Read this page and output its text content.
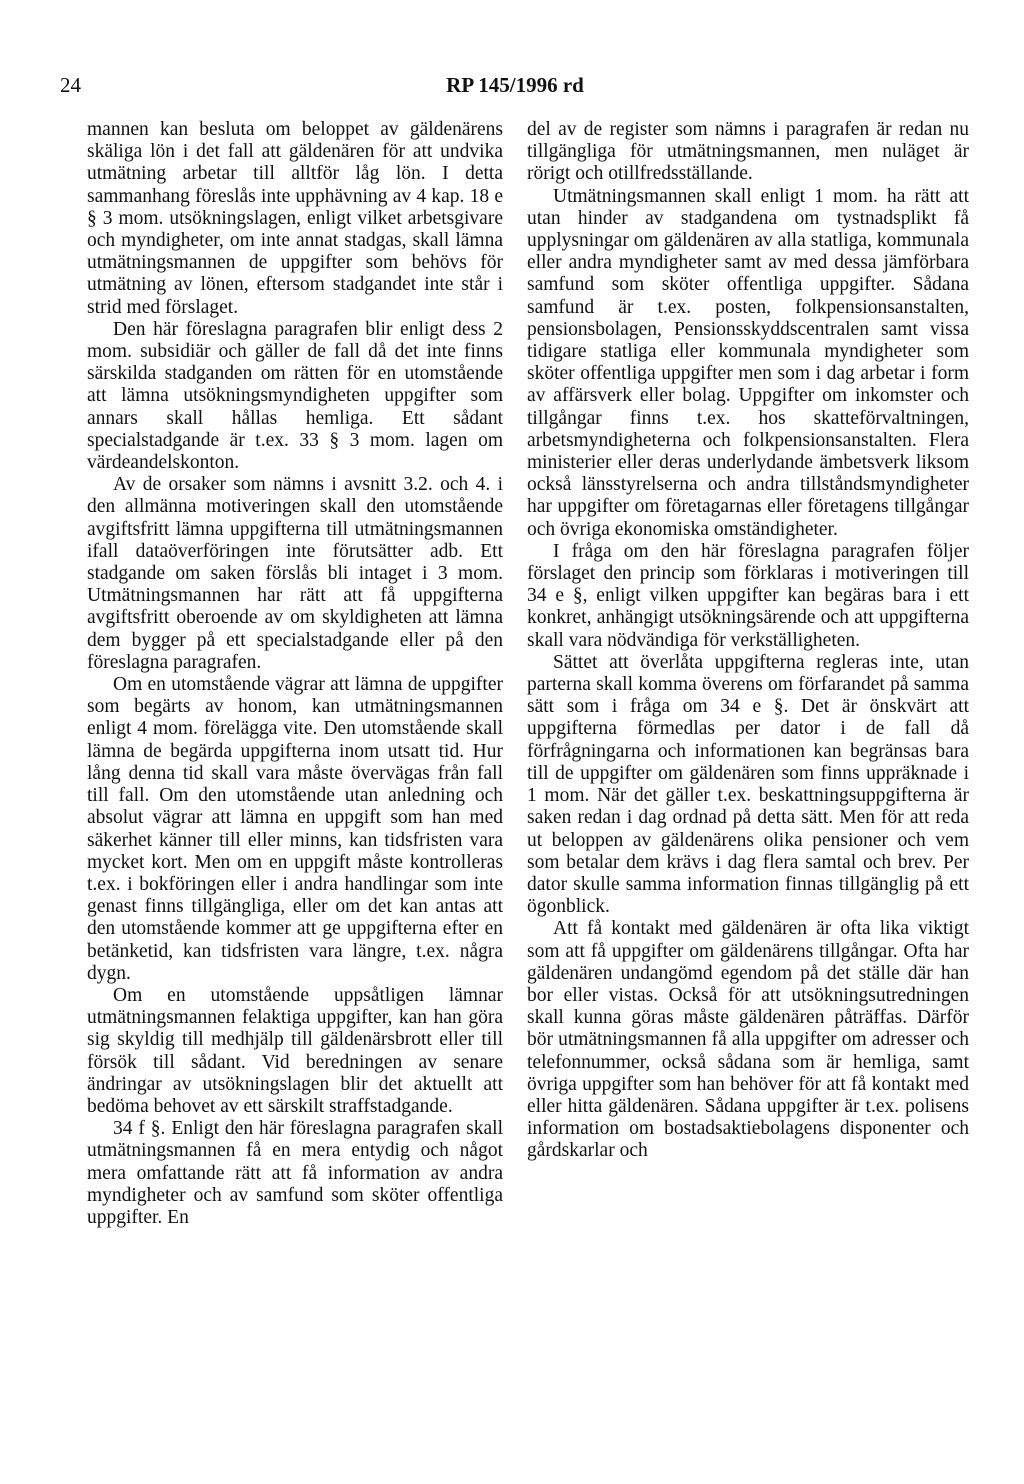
24	RP 145/1996 rd

mannen kan besluta om beloppet av gäldenärens skäliga lön i det fall att gäldenären för att undvika utmätning arbetar till alltför låg lön. I detta sammanhang föreslås inte upphävning av 4 kap. 18 e § 3 mom. utsökningslagen, enligt vilket arbetsgivare och myndigheter, om inte annat stadgas, skall lämna utmätningsmannen de uppgifter som behövs för utmätning av lönen, eftersom stadgandet inte står i strid med förslaget.

Den här föreslagna paragrafen blir enligt dess 2 mom. subsidiär och gäller de fall då det inte finns särskilda stadganden om rätten för en utomstående att lämna utsökningsmyndigheten uppgifter som annars skall hållas hemliga. Ett sådant specialstadgande är t.ex. 33 § 3 mom. lagen om värdeandelskonton.

Av de orsaker som nämns i avsnitt 3.2. och 4. i den allmänna motiveringen skall den utomstående avgiftsfritt lämna uppgifterna till utmätningsmannen ifall dataöverföringen inte förutsätter adb. Ett stadgande om saken förslås bli intaget i 3 mom. Utmätningsmannen har rätt att få uppgifterna avgiftsfritt oberoende av om skyldigheten att lämna dem bygger på ett specialstadgande eller på den föreslagna paragrafen.

Om en utomstående vägrar att lämna de uppgifter som begärts av honom, kan utmätningsmannen enligt 4 mom. förelägga vite. Den utomstående skall lämna de begärda uppgifterna inom utsatt tid. Hur lång denna tid skall vara måste övervägas från fall till fall. Om den utomstående utan anledning och absolut vägrar att lämna en uppgift som han med säkerhet känner till eller minns, kan tidsfristen vara mycket kort. Men om en uppgift måste kontrolleras t.ex. i bokföringen eller i andra handlingar som inte genast finns tillgängliga, eller om det kan antas att den utomstående kommer att ge uppgifterna efter en betänketid, kan tidsfristen vara längre, t.ex. några dygn.

Om en utomstående uppsåtligen lämnar utmätningsmannen felaktiga uppgifter, kan han göra sig skyldig till medhjälp till gäldenärsbrott eller till försök till sådant. Vid beredningen av senare ändringar av utsökningslagen blir det aktuellt att bedöma behovet av ett särskilt straffstadgande.

34 f §. Enligt den här föreslagna paragrafen skall utmätningsmannen få en mera entydig och något mera omfattande rätt att få information av andra myndigheter och av samfund som sköter offentliga uppgifter. En

del av de register som nämns i paragrafen är redan nu tillgängliga för utmätningsmannen, men nuläget är rörigt och otillfredsställande.

Utmätningsmannen skall enligt 1 mom. ha rätt att utan hinder av stadgandena om tystnadsplikt få upplysningar om gäldenären av alla statliga, kommunala eller andra myndigheter samt av med dessa jämförbara samfund som sköter offentliga uppgifter. Sådana samfund är t.ex. posten, folkpensionsanstalten, pensionsbolagen, Pensionsskyddscentralen samt vissa tidigare statliga eller kommunala myndigheter som sköter offentliga uppgifter men som i dag arbetar i form av affärsverk eller bolag. Uppgifter om inkomster och tillgångar finns t.ex. hos skatteförvaltningen, arbetsmyndigheterna och folkpensionsanstalten. Flera ministerier eller deras underlydande ämbetsverk liksom också länsstyrelserna och andra tillståndsmyndigheter har uppgifter om företagarnas eller företagens tillgångar och övriga ekonomiska omständigheter.

I fråga om den här föreslagna paragrafen följer förslaget den princip som förklaras i motiveringen till 34 e §, enligt vilken uppgifter kan begäras bara i ett konkret, anhängigt utsökningsärende och att uppgifterna skall vara nödvändiga för verkställigheten.

Sättet att överlåta uppgifterna regleras inte, utan parterna skall komma överens om förfarandet på samma sätt som i fråga om 34 e §. Det är önskvärt att uppgifterna förmedlas per dator i de fall då förfrågningarna och informationen kan begränsas bara till de uppgifter om gäldenären som finns uppräknade i 1 mom. När det gäller t.ex. beskattningsuppgifterna är saken redan i dag ordnad på detta sätt. Men för att reda ut beloppen av gäldenärens olika pensioner och vem som betalar dem krävs i dag flera samtal och brev. Per dator skulle samma information finnas tillgänglig på ett ögonblick.

Att få kontakt med gäldenären är ofta lika viktigt som att få uppgifter om gäldenärens tillgångar. Ofta har gäldenären undangömd egendom på det ställe där han bor eller vistas. Också för att utsökningsutredningen skall kunna göras måste gäldenären påträffas. Därför bör utmätningsmannen få alla uppgifter om adresser och telefonnummer, också sådana som är hemliga, samt övriga uppgifter som han behöver för att få kontakt med eller hitta gäldenären. Sådana uppgifter är t.ex. polisens information om bostadsaktiebolagens disponenter och gårdskarlar och
